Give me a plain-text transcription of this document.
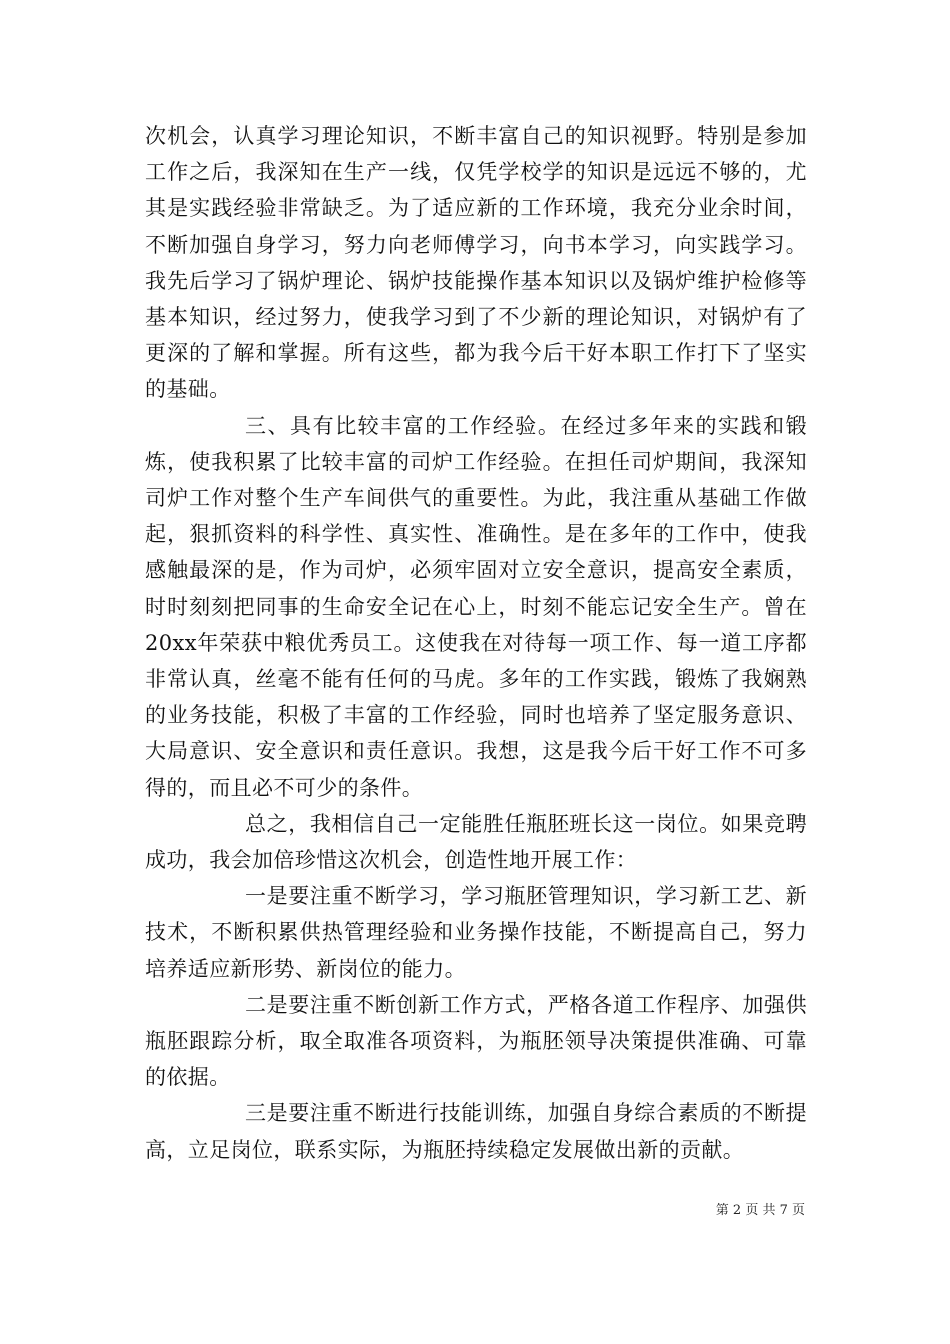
次机会，认真学习理论知识，不断丰富自己的知识视野。特别是参加工作之后，我深知在生产一线，仅凭学校学的知识是远远不够的，尤其是实践经验非常缺乏。为了适应新的工作环境，我充分业余时间，不断加强自身学习，努力向老师傅学习，向书本学习，向实践学习。我先后学习了锅炉理论、锅炉技能操作基本知识以及锅炉维护检修等基本知识，经过努力，使我学习到了不少新的理论知识，对锅炉有了更深的了解和掌握。所有这些，都为我今后干好本职工作打下了坚实的基础。

三、具有比较丰富的工作经验。在经过多年来的实践和锻炼，使我积累了比较丰富的司炉工作经验。在担任司炉期间，我深知司炉工作对整个生产车间供气的重要性。为此，我注重从基础工作做起，狠抓资料的科学性、真实性、准确性。是在多年的工作中，使我感触最深的是，作为司炉，必须牢固对立安全意识，提高安全素质，时时刻刻把同事的生命安全记在心上，时刻不能忘记安全生产。曾在20xx年荣获中粮优秀员工。这使我在对待每一项工作、每一道工序都非常认真，丝毫不能有任何的马虎。多年的工作实践，锻炼了我娴熟的业务技能，积极了丰富的工作经验，同时也培养了坚定服务意识、大局意识、安全意识和责任意识。我想，这是我今后干好工作不可多得的，而且必不可少的条件。

总之，我相信自己一定能胜任瓶胚班长这一岗位。如果竞聘成功，我会加倍珍惜这次机会，创造性地开展工作：

一是要注重不断学习，学习瓶胚管理知识，学习新工艺、新技术，不断积累供热管理经验和业务操作技能，不断提高自己，努力培养适应新形势、新岗位的能力。

二是要注重不断创新工作方式，严格各道工作程序、加强供瓶胚跟踪分析，取全取准各项资料，为瓶胚领导决策提供准确、可靠的依据。

三是要注重不断进行技能训练，加强自身综合素质的不断提高，立足岗位，联系实际，为瓶胚持续稳定发展做出新的贡献。

第 2 页 共 7 页
